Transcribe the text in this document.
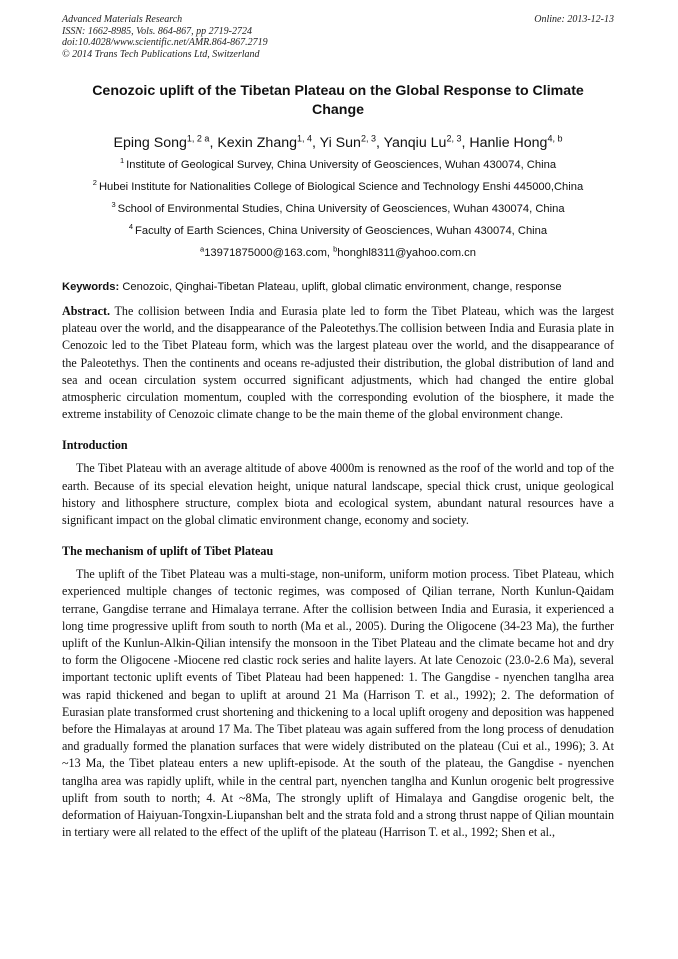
Advanced Materials Research
ISSN: 1662-8985, Vols. 864-867, pp 2719-2724
doi:10.4028/www.scientific.net/AMR.864-867.2719
© 2014 Trans Tech Publications Ltd, Switzerland
Online: 2013-12-13
Cenozoic uplift of the Tibetan Plateau on the Global Response to Climate Change
Eping Song$^{1, 2 a}$, Kexin Zhang$^{1, 4}$, Yi Sun$^{2, 3}$, Yanqiu Lu$^{2, 3}$, Hanlie Hong$^{4, b}$
$^1$ Institute of Geological Survey, China University of Geosciences, Wuhan 430074, China
$^2$ Hubei Institute for Nationalities College of Biological Science and Technology Enshi 445000,China
$^3$ School of Environmental Studies, China University of Geosciences, Wuhan 430074, China
$^4$ Faculty of Earth Sciences, China University of Geosciences, Wuhan 430074, China
$^a$13971875000@163.com, $^b$honghl8311@yahoo.com.cn
Keywords: Cenozoic, Qinghai-Tibetan Plateau, uplift, global climatic environment, change, response
Abstract. The collision between India and Eurasia plate led to form the Tibet Plateau, which was the largest plateau over the world, and the disappearance of the Paleotethys.The collision between India and Eurasia plate in Cenozoic led to the Tibet Plateau form, which was the largest plateau over the world, and the disappearance of the Paleotethys. Then the continents and oceans re-adjusted their distribution, the global distribution of land and sea and ocean circulation system occurred significant adjustments, which had changed the entire global atmospheric circulation momentum, coupled with the corresponding evolution of the biosphere, it made the extreme instability of Cenozoic climate change to be the main theme of the global environment change.
Introduction

The Tibet Plateau with an average altitude of above 4000m is renowned as the roof of the world and top of the earth. Because of its special elevation height, unique natural landscape, special thick crust, unique geological history and lithosphere structure, complex biota and ecological system, abundant natural resources have a significant impact on the global climatic environment change, economy and society.

The mechanism of uplift of Tibet Plateau

The uplift of the Tibet Plateau was a multi-stage, non-uniform, uniform motion process. Tibet Plateau, which experienced multiple changes of tectonic regimes, was composed of Qilian terrane, North Kunlun-Qaidam terrane, Gangdise terrane and Himalaya terrane. After the collision between India and Eurasia, it experienced a long time progressive uplift from south to north (Ma et al., 2005). During the Oligocene (34-23 Ma), the further uplift of the Kunlun-Alkin-Qilian intensify the monsoon in the Tibet Plateau and the climate became hot and dry to form the Oligocene -Miocene red clastic rock series and halite layers. At late Cenozoic (23.0-2.6 Ma), several important tectonic uplift events of Tibet Plateau had been happened: 1. The Gangdise - nyenchen tanglha area was rapid thickened and began to uplift at around 21 Ma (Harrison T. et al., 1992); 2. The deformation of Eurasian plate transformed crust shortening and thickening to a local uplift orogeny and deposition was happened before the Himalayas at around 17 Ma. The Tibet plateau was again suffered from the long process of denudation and gradually formed the planation surfaces that were widely distributed on the plateau (Cui et al., 1996); 3. At ~13 Ma, the Tibet plateau enters a new uplift-episode. At the south of the plateau, the Gangdise - nyenchen tanglha area was rapidly uplift, while in the central part, nyenchen tanglha and Kunlun orogenic belt progressive uplift from south to north; 4. At ~8Ma, The strongly uplift of Himalaya and Gangdise orogenic belt, the deformation of Haiyuan-Tongxin-Liupanshan belt and the strata fold and a strong thrust nappe of Qilian mountain in tertiary were all related to the effect of the uplift of the plateau (Harrison T. et al., 1992; Shen et al.,
